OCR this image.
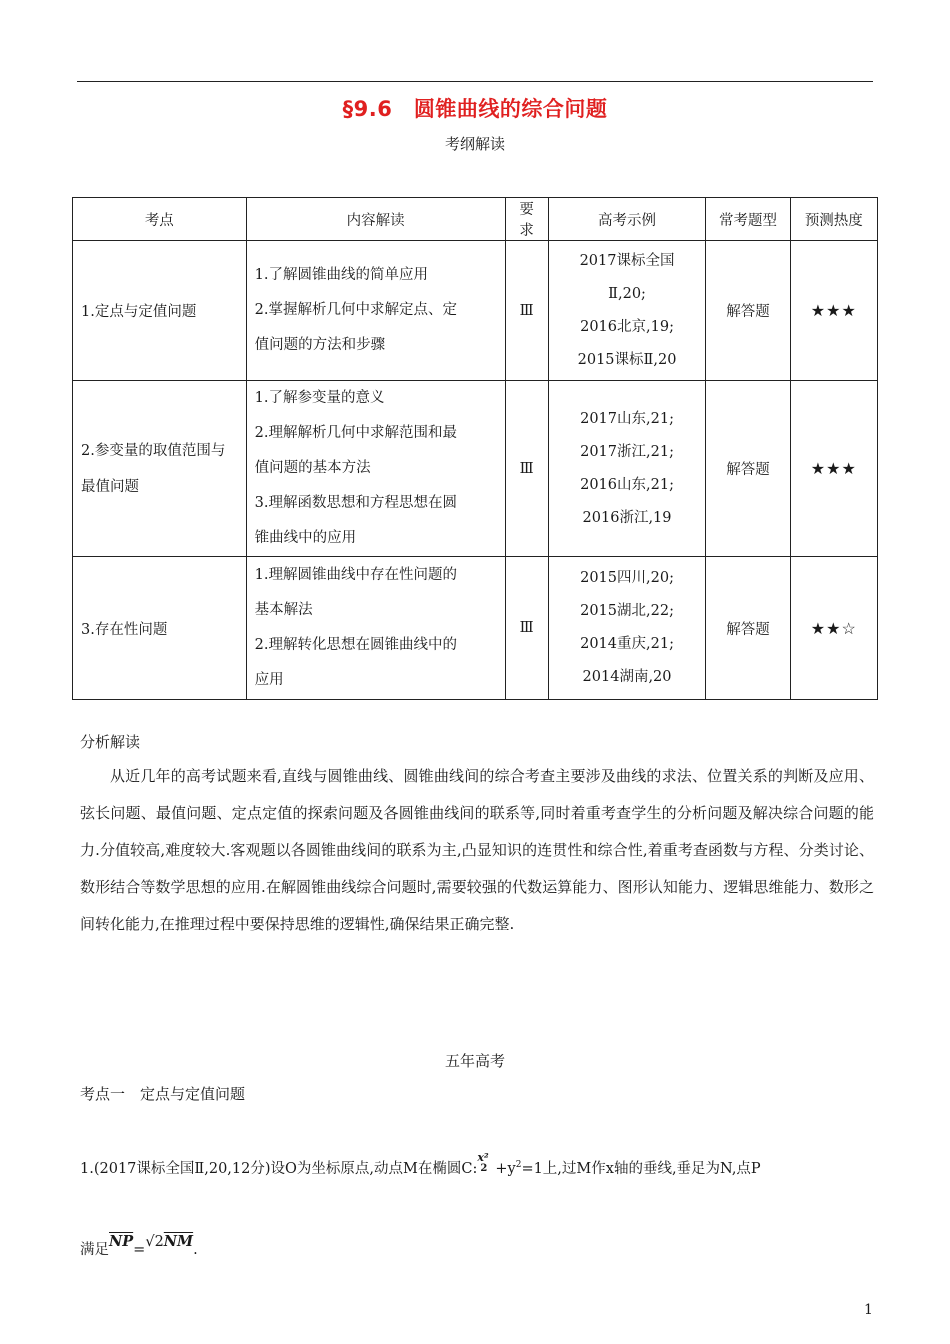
§9.6　圆锥曲线的综合问题
考纲解读
考点	内容解读	要求	高考示例	常考题型	预测热度
1.定点与定值问题	1.了解圆锥曲线的简单应用
2.掌握解析几何中求解定点、定
值问题的方法和步骤	Ⅲ	2017课标全国
Ⅱ,20;
2016北京,19;
2015课标Ⅱ,20	解答题	★★★
2.参变量的取值范围与最值问题	1.了解参变量的意义
2.理解解析几何中求解范围和最
值问题的基本方法
3.理解函数思想和方程思想在圆
锥曲线中的应用	Ⅲ	2017山东,21;
2017浙江,21;
2016山东,21;
2016浙江,19	解答题	★★★
3.存在性问题	1.理解圆锥曲线中存在性问题的
基本解法
2.理解转化思想在圆锥曲线中的
应用	Ⅲ	2015四川,20;
2015湖北,22;
2014重庆,21;
2014湖南,20	解答题	★★☆
分析解读

从近几年的高考试题来看,直线与圆锥曲线、圆锥曲线间的综合考查主要涉及曲线的求法、位置关系的判断及应用、弦长问题、最值问题、定点定值的探索问题及各圆锥曲线间的联系等,同时着重考查学生的分析问题及解决综合问题的能力.分值较高,难度较大.客观题以各圆锥曲线间的联系为主,凸显知识的连贯性和综合性,着重考查函数与方程、分类讨论、数形结合等数学思想的应用.在解圆锥曲线综合问题时,需要较强的代数运算能力、图形认知能力、逻辑思维能力、数形之间转化能力,在推理过程中要保持思维的逻辑性,确保结果正确完整.

五年高考
考点一　定点与定值问题
1.(2017课标全国Ⅱ,20,12分)设O为坐标原点,动点M在椭圆C:
x²
$2 +y^2=1$上,过M作x轴的垂线,垂足为N,点P
满足$\overline{NP}=√2\overline{NM}$.
1
